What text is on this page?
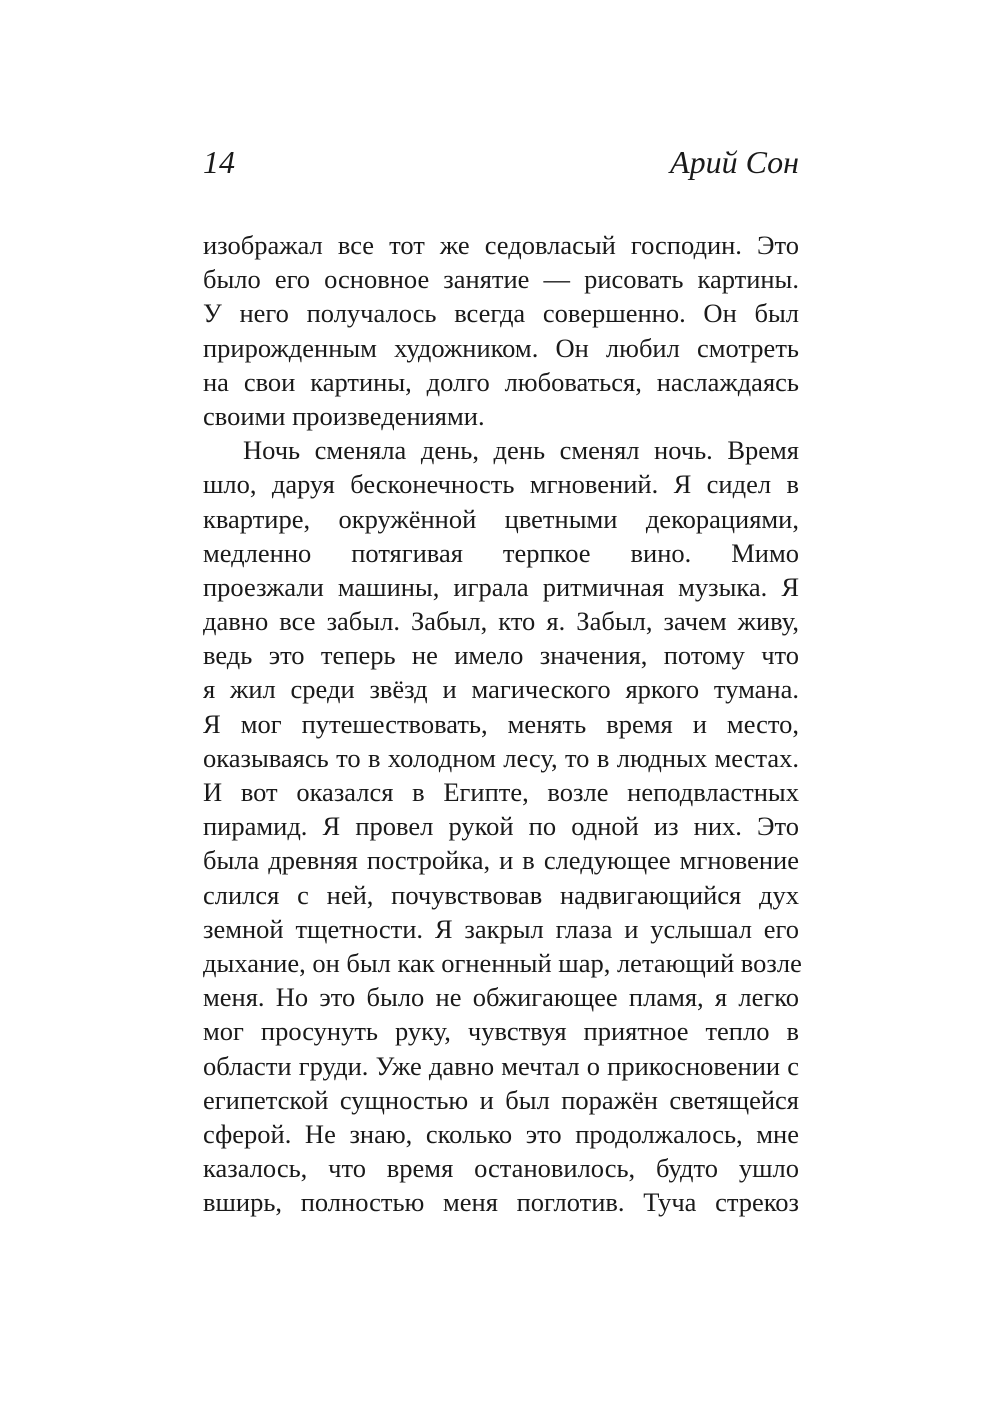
14	Арий Сон
изображал все тот же седовласый господин. Это
было его основное занятие — рисовать картины.
У него получалось всегда совершенно. Он был
прирожденным художником. Он любил смотреть
на свои картины, долго любоваться, наслаждаясь
своими произведениями.
Ночь сменяла день, день сменял ночь. Время
шло, даруя бесконечность мгновений. Я сидел в
квартире, окружённой цветными декорациями,
медленно потягивая терпкое вино. Мимо
проезжали машины, играла ритмичная музыка. Я
давно все забыл. Забыл, кто я. Забыл, зачем живу,
ведь это теперь не имело значения, потому что
я жил среди звёзд и магического яркого тумана.
Я мог путешествовать, менять время и место,
оказываясь то в холодном лесу, то в людных местах.
И вот оказался в Египте, возле неподвластных
пирамид. Я провел рукой по одной из них. Это
была древняя постройка, и в следующее мгновение
слился с ней, почувствовав надвигающийся дух
земной тщетности. Я закрыл глаза и услышал его
дыхание, он был как огненный шар, летающий возле
меня. Но это было не обжигающее пламя, я легко
мог просунуть руку, чувствуя приятное тепло в
области груди. Уже давно мечтал о прикосновении с
египетской сущностью и был поражён светящейся
сферой. Не знаю, сколько это продолжалось, мне
казалось, что время остановилось, будто ушло
вширь, полностью меня поглотив. Туча стрекоз
